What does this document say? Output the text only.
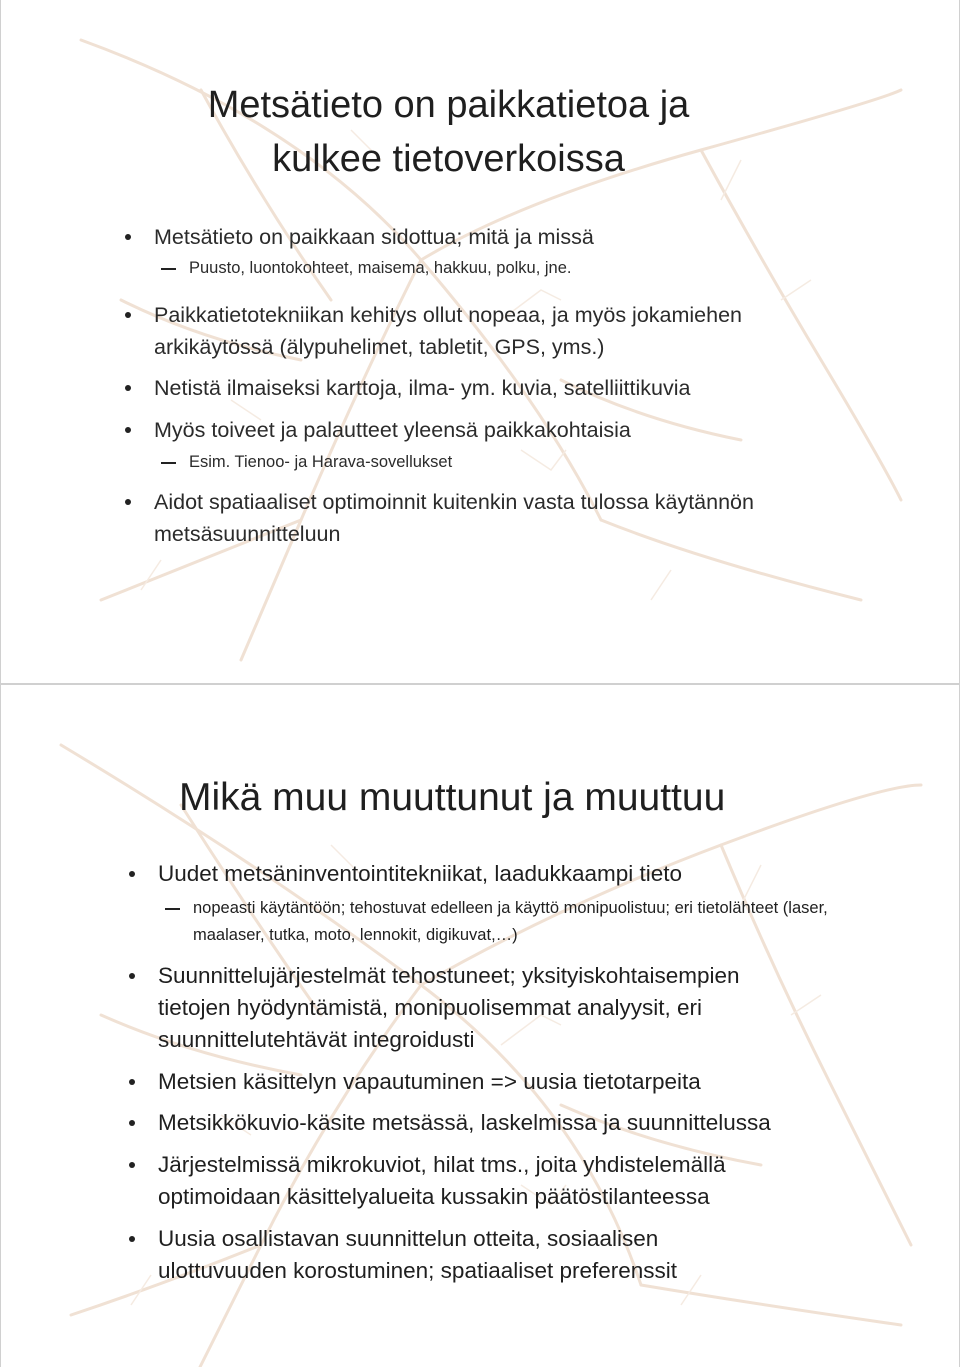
Metsätieto on paikkatietoa ja kulkee tietoverkoissa
Metsätieto on paikkaan sidottua; mitä ja missä
Puusto, luontokohteet, maisema, hakkuu, polku, jne.
Paikkatietotekniikan kehitys ollut nopeaa, ja myös jokamiehen arkikäytössä (älypuhelimet, tabletit, GPS, yms.)
Netistä ilmaiseksi karttoja, ilma- ym. kuvia, satelliittikuvia
Myös toiveet ja palautteet yleensä paikkakohtaisia
Esim. Tienoo- ja Harava-sovellukset
Aidot spatiaaliset optimoinnit kuitenkin vasta tulossa käytännön metsäsuunnitteluun
Mikä muu muuttunut ja muuttuu
Uudet metsäninventointitekniikat, laadukkaampi tieto
nopeasti käytäntöön; tehostuvat edelleen ja käyttö monipuolistuu; eri tietolähteet (laser, maalaser, tutka, moto, lennokit, digikuvat,…)
Suunnittelujärjestelmät tehostuneet; yksityiskohtaisempien tietojen hyödyntämistä, monipuolisemmat analyysit, eri suunnittelutehtävät integroidusti
Metsien käsittelyn vapautuminen => uusia tietotarpeita
Metsikkökuvio-käsite metsässä, laskelmissa ja suunnittelussa
Järjestelmissä mikrokuviot, hilat tms., joita yhdistelemällä optimoidaan käsittelyalueita kussakin päätöstilanteessa
Uusia osallistavan suunnittelun otteita, sosiaalisen ulottuvuuden korostuminen; spatiaaliset preferenssit
